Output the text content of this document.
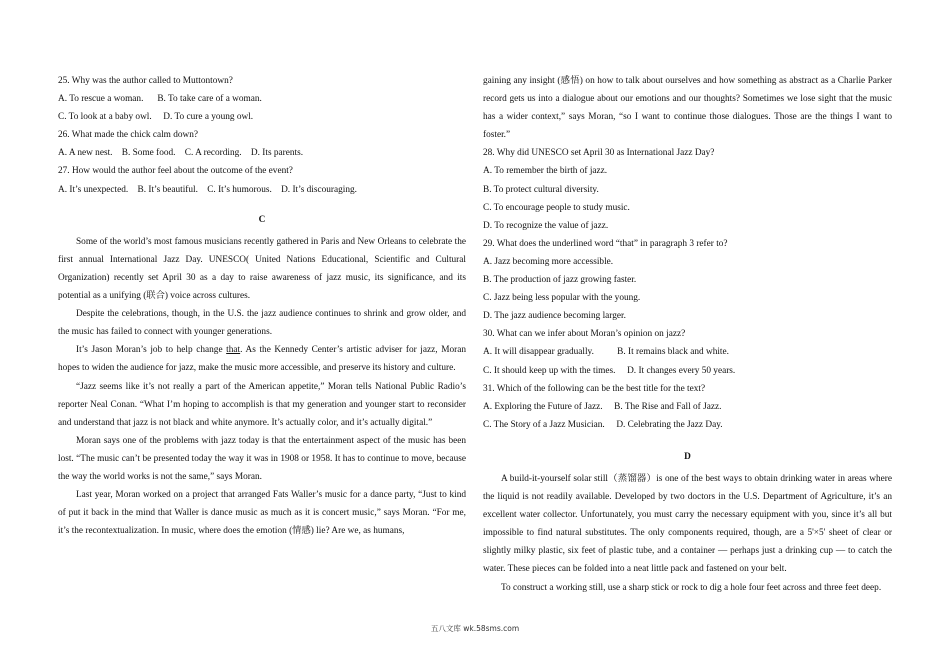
25. Why was the author called to Muttontown?
A. To rescue a woman.      B. To take care of a woman.
C. To look at a baby owl.     D. To cure a young owl.
26. What made the chick calm down?
A. A new nest.    B. Some food.    C. A recording.    D. Its parents.
27. How would the author feel about the outcome of the event?
A. It’s unexpected.    B. It’s beautiful.    C. It’s humorous.    D. It’s discouraging.
C
Some of the world’s most famous musicians recently gathered in Paris and New Orleans to celebrate the first annual International Jazz Day. UNESCO( United Nations Educational, Scientific and Cultural Organization) recently set April 30 as a day to raise awareness of jazz music, its significance, and its potential as a unifying (联合) voice across cultures.
Despite the celebrations, though, in the U.S. the jazz audience continues to shrink and grow older, and the music has failed to connect with younger generations.
It’s Jason Moran’s job to help change that. As the Kennedy Center’s artistic adviser for jazz, Moran hopes to widen the audience for jazz, make the music more accessible, and preserve its history and culture.
“Jazz seems like it’s not really a part of the American appetite,” Moran tells National Public Radio’s reporter Neal Conan. “What I’m hoping to accomplish is that my generation and younger start to reconsider and understand that jazz is not black and white anymore. It’s actually color, and it’s actually digital.”
Moran says one of the problems with jazz today is that the entertainment aspect of the music has been lost. “The music can’t be presented today the way it was in 1908 or 1958. It has to continue to move, because the way the world works is not the same,” says Moran.
Last year, Moran worked on a project that arranged Fats Waller’s music for a dance party, “Just to kind of put it back in the mind that Waller is dance music as much as it is concert music,” says Moran. “For me, it’s the recontextualization. In music, where does the emotion (情感) lie? Are we, as humans,
gaining any insight (感悟) on how to talk about ourselves and how something as abstract as a Charlie Parker record gets us into a dialogue about our emotions and our thoughts? Sometimes we lose sight that the music has a wider context,” says Moran, “so I want to continue those dialogues. Those are the things I want to foster.”
28. Why did UNESCO set April 30 as International Jazz Day?
A. To remember the birth of jazz.
B. To protect cultural diversity.
C. To encourage people to study music.
D. To recognize the value of jazz.
29. What does the underlined word “that” in paragraph 3 refer to?
A. Jazz becoming more accessible.
B. The production of jazz growing faster.
C. Jazz being less popular with the young.
D. The jazz audience becoming larger.
30. What can we infer about Moran’s opinion on jazz?
A. It will disappear gradually.          B. It remains black and white.
C. It should keep up with the times.     D. It changes every 50 years.
31. Which of the following can be the best title for the text?
A. Exploring the Future of Jazz.     B. The Rise and Fall of Jazz.
C. The Story of a Jazz Musician.     D. Celebrating the Jazz Day.
D
A build-it-yourself solar still（蒸馏器）is one of the best ways to obtain drinking water in areas where the liquid is not readily available. Developed by two doctors in the U.S. Department of Agriculture, it’s an excellent water collector. Unfortunately, you must carry the necessary equipment with you, since it’s all but impossible to find natural substitutes. The only components required, though, are a 5'×5' sheet of clear or slightly milky plastic, six feet of plastic tube, and a container — perhaps just a drinking cup — to catch the water. These pieces can be folded into a neat little pack and fastened on your belt.
To construct a working still, use a sharp stick or rock to dig a hole four feet across and three feet deep.
五八文库 wk.58sms.com
